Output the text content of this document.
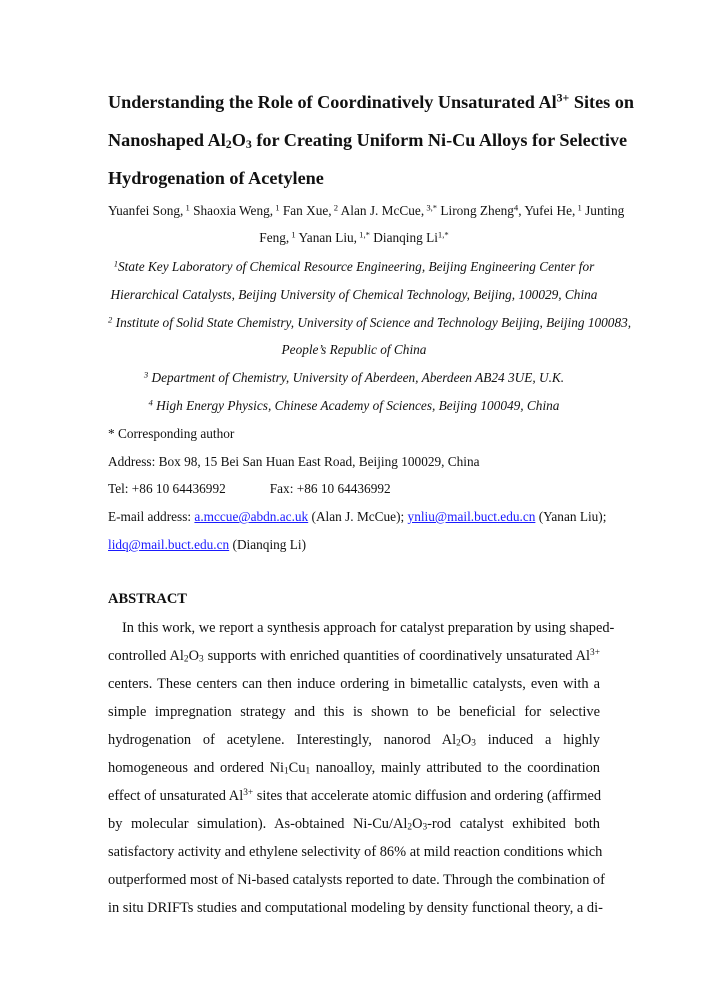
Understanding the Role of Coordinatively Unsaturated $Al^{3+}$ Sites on
Nanoshaped $Al_2O_3$ for Creating Uniform Ni-Cu Alloys for Selective
Hydrogenation of Acetylene
Yuanfei Song, $^1$ Shaoxia Weng, $^1$ Fan Xue, $^2$ Alan J. McCue, $^{3,*}$ Lirong Zheng$^4$, Yufei He, $^1$ Junting
Feng, $^1$ Yanan Liu, $^{1,*}$ Dianqing $Li^{1,*}$
$^1$State Key Laboratory of Chemical Resource Engineering, Beijing Engineering Center for
Hierarchical Catalysts, Beijing University of Chemical Technology, Beijing, 100029, China
$^2$ Institute of Solid State Chemistry, University of Science and Technology Beijing, Beijing 100083,
People’s Republic of China
$^3$ Department of Chemistry, University of Aberdeen, Aberdeen AB24 3UE, U.K.
$^4$ High Energy Physics, Chinese Academy of Sciences, Beijing 100049, China
* Corresponding author
Address: Box 98, 15 Bei San Huan East Road, Beijing 100029, China
Tel: +86 10 64436992	Fax: +86 10 64436992
E-mail address: a.mccue@abdn.ac.uk (Alan J. McCue); ynliu@mail.buct.edu.cn (Yanan Liu);
lidq@mail.buct.edu.cn (Dianqing Li)
ABSTRACT
In this work, we report a synthesis approach for catalyst preparation by using shaped-
controlled $Al_2O_3$ supports with enriched quantities of coordinatively unsaturated $Al^{3+}$
centers. These centers can then induce ordering in bimetallic catalysts, even with a
simple impregnation strategy and this is shown to be beneficial for selective
hydrogenation of acetylene. Interestingly, nanorod $Al_2O_3$ induced a highly
homogeneous and ordered $Ni_1Cu_1$ nanoalloy, mainly attributed to the coordination
effect of unsaturated $Al^{3+}$ sites that accelerate atomic diffusion and ordering (affirmed
by molecular simulation). As-obtained $Ni-Cu/Al_2O_3$-rod catalyst exhibited both
satisfactory activity and ethylene selectivity of 86% at mild reaction conditions which
outperformed most of Ni-based catalysts reported to date. Through the combination of
in situ DRIFTs studies and computational modeling by density functional theory, a di-
